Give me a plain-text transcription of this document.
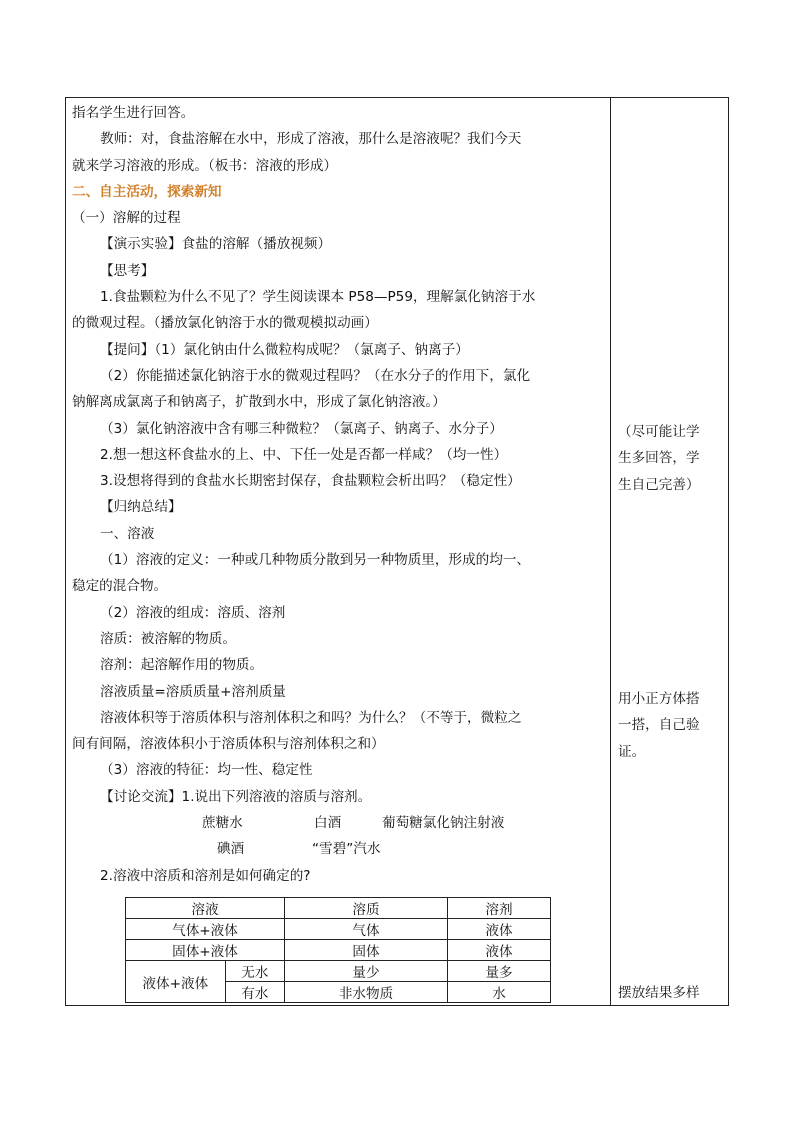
指名学生进行回答。
教师：对，食盐溶解在水中，形成了溶液，那什么是溶液呢？我们今天
就来学习溶液的形成。（板书：溶液的形成）
二、自主活动，探索新知
（一）溶解的过程
【演示实验】食盐的溶解（播放视频）
【思考】
1.食盐颗粒为什么不见了？学生阅读课本 P58—P59，理解氯化钠溶于水
的微观过程。（播放氯化钠溶于水的微观模拟动画）
【提问】（1）氯化钠由什么微粒构成呢？（氯离子、钠离子）
（2）你能描述氯化钠溶于水的微观过程吗？（在水分子的作用下，氯化
钠解离成氯离子和钠离子，扩散到水中，形成了氯化钠溶液。）
（3）氯化钠溶液中含有哪三种微粒？（氯离子、钠离子、水分子）
2.想一想这杯食盐水的上、中、下任一处是否都一样咸？（均一性）
3.设想将得到的食盐水长期密封保存，食盐颗粒会析出吗？（稳定性）
【归纳总结】
一、溶液
（1）溶液的定义：一种或几种物质分散到另一种物质里，形成的均一、
稳定的混合物。
（2）溶液的组成：溶质、溶剂
溶质：被溶解的物质。
溶剂：起溶解作用的物质。
溶液质量=溶质质量+溶剂质量
溶液体积等于溶质体积与溶剂体积之和吗？为什么？（不等于，微粒之
间有间隔，溶液体积小于溶质体积与溶剂体积之和）
（3）溶液的特征：均一性、稳定性
【讨论交流】1.说出下列溶液的溶质与溶剂。
蔗糖水	白酒	葡萄糖氯化钠注射液
碘酒	“雪碧”汽水
2.溶液中溶质和溶剂是如何确定的?
溶液		溶质	溶剂
气体+液体		气体	液体
固体+液体		固体	液体
液体+液体	无水	量少	量多
	有水	非水物质	水
（尽可能让学
生多回答，学
生自己完善）
用小正方体搭
一搭，自己验
证。
摆放结果多样
